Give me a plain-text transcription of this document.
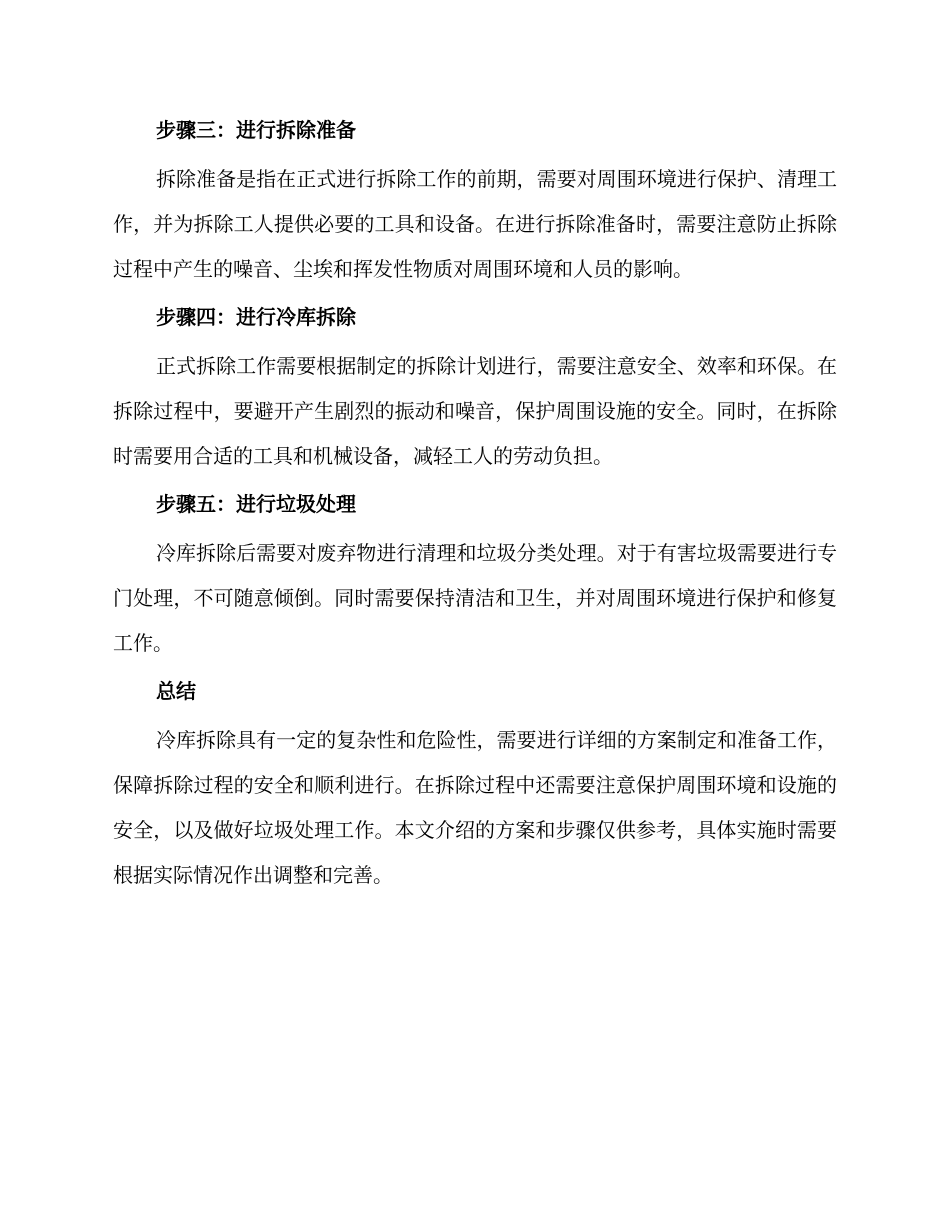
步骤三：进行拆除准备

拆除准备是指在正式进行拆除工作的前期，需要对周围环境进行保护、清理工作，并为拆除工人提供必要的工具和设备。在进行拆除准备时，需要注意防止拆除过程中产生的噪音、尘埃和挥发性物质对周围环境和人员的影响。

步骤四：进行冷库拆除

正式拆除工作需要根据制定的拆除计划进行，需要注意安全、效率和环保。在拆除过程中，要避开产生剧烈的振动和噪音，保护周围设施的安全。同时，在拆除时需要用合适的工具和机械设备，减轻工人的劳动负担。

步骤五：进行垃圾处理

冷库拆除后需要对废弃物进行清理和垃圾分类处理。对于有害垃圾需要进行专门处理，不可随意倾倒。同时需要保持清洁和卫生，并对周围环境进行保护和修复工作。

总结

冷库拆除具有一定的复杂性和危险性，需要进行详细的方案制定和准备工作，保障拆除过程的安全和顺利进行。在拆除过程中还需要注意保护周围环境和设施的安全，以及做好垃圾处理工作。本文介绍的方案和步骤仅供参考，具体实施时需要根据实际情况作出调整和完善。
